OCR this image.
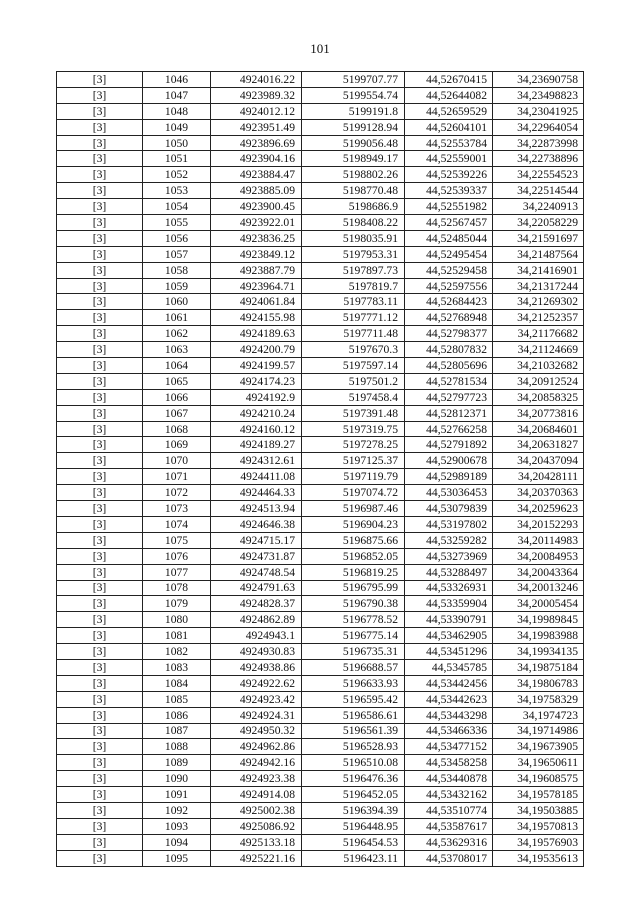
101
[3]	1046	4924016.22	5199707.77	44,52670415	34,23690758
[3]	1047	4923989.32	5199554.74	44,52644082	34,23498823
[3]	1048	4924012.12	5199191.8	44,52659529	34,23041925
[3]	1049	4923951.49	5199128.94	44,52604101	34,22964054
[3]	1050	4923896.69	5199056.48	44,52553784	34,22873998
[3]	1051	4923904.16	5198949.17	44,52559001	34,22738896
[3]	1052	4923884.47	5198802.26	44,52539226	34,22554523
[3]	1053	4923885.09	5198770.48	44,52539337	34,22514544
[3]	1054	4923900.45	5198686.9	44,52551982	34,2240913
[3]	1055	4923922.01	5198408.22	44,52567457	34,22058229
[3]	1056	4923836.25	5198035.91	44,52485044	34,21591697
[3]	1057	4923849.12	5197953.31	44,52495454	34,21487564
[3]	1058	4923887.79	5197897.73	44,52529458	34,21416901
[3]	1059	4923964.71	5197819.7	44,52597556	34,21317244
[3]	1060	4924061.84	5197783.11	44,52684423	34,21269302
[3]	1061	4924155.98	5197771.12	44,52768948	34,21252357
[3]	1062	4924189.63	5197711.48	44,52798377	34,21176682
[3]	1063	4924200.79	5197670.3	44,52807832	34,21124669
[3]	1064	4924199.57	5197597.14	44,52805696	34,21032682
[3]	1065	4924174.23	5197501.2	44,52781534	34,20912524
[3]	1066	4924192.9	5197458.4	44,52797723	34,20858325
[3]	1067	4924210.24	5197391.48	44,52812371	34,20773816
[3]	1068	4924160.12	5197319.75	44,52766258	34,20684601
[3]	1069	4924189.27	5197278.25	44,52791892	34,20631827
[3]	1070	4924312.61	5197125.37	44,52900678	34,20437094
[3]	1071	4924411.08	5197119.79	44,52989189	34,20428111
[3]	1072	4924464.33	5197074.72	44,53036453	34,20370363
[3]	1073	4924513.94	5196987.46	44,53079839	34,20259623
[3]	1074	4924646.38	5196904.23	44,53197802	34,20152293
[3]	1075	4924715.17	5196875.66	44,53259282	34,20114983
[3]	1076	4924731.87	5196852.05	44,53273969	34,20084953
[3]	1077	4924748.54	5196819.25	44,53288497	34,20043364
[3]	1078	4924791.63	5196795.99	44,53326931	34,20013246
[3]	1079	4924828.37	5196790.38	44,53359904	34,20005454
[3]	1080	4924862.89	5196778.52	44,53390791	34,19989845
[3]	1081	4924943.1	5196775.14	44,53462905	34,19983988
[3]	1082	4924930.83	5196735.31	44,53451296	34,19934135
[3]	1083	4924938.86	5196688.57	44,5345785	34,19875184
[3]	1084	4924922.62	5196633.93	44,53442456	34,19806783
[3]	1085	4924923.42	5196595.42	44,53442623	34,19758329
[3]	1086	4924924.31	5196586.61	44,53443298	34,1974723
[3]	1087	4924950.32	5196561.39	44,53466336	34,19714986
[3]	1088	4924962.86	5196528.93	44,53477152	34,19673905
[3]	1089	4924942.16	5196510.08	44,53458258	34,19650611
[3]	1090	4924923.38	5196476.36	44,53440878	34,19608575
[3]	1091	4924914.08	5196452.05	44,53432162	34,19578185
[3]	1092	4925002.38	5196394.39	44,53510774	34,19503885
[3]	1093	4925086.92	5196448.95	44,53587617	34,19570813
[3]	1094	4925133.18	5196454.53	44,53629316	34,19576903
[3]	1095	4925221.16	5196423.11	44,53708017	34,19535613
